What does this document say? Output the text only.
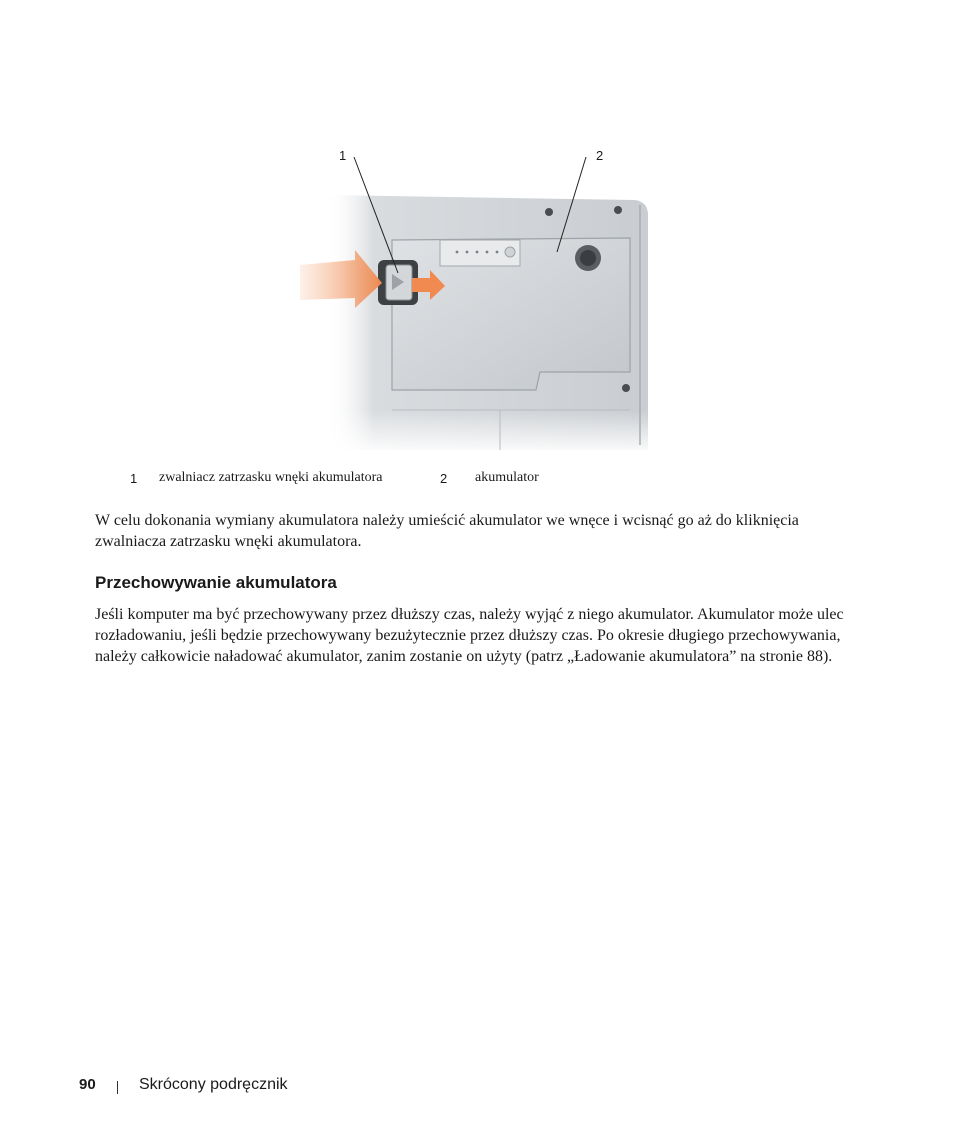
1	2
1 zwalniacz zatrzasku wnęki akumulatora	2 akumulator

W celu dokonania wymiany akumulatora należy umieścić akumulator we wnęce i wcisnąć go aż do kliknięcia zwalniacza zatrzasku wnęki akumulatora.

Przechowywanie akumulatora

Jeśli komputer ma być przechowywany przez dłuższy czas, należy wyjąć z niego akumulator. Akumulator może ulec rozładowaniu, jeśli będzie przechowywany bezużytecznie przez dłuższy czas. Po okresie długiego przechowywania, należy całkowicie naładować akumulator, zanim zostanie on użyty (patrz „Ładowanie akumulatora” na stronie 88).

90	Skrócony podręcznik
